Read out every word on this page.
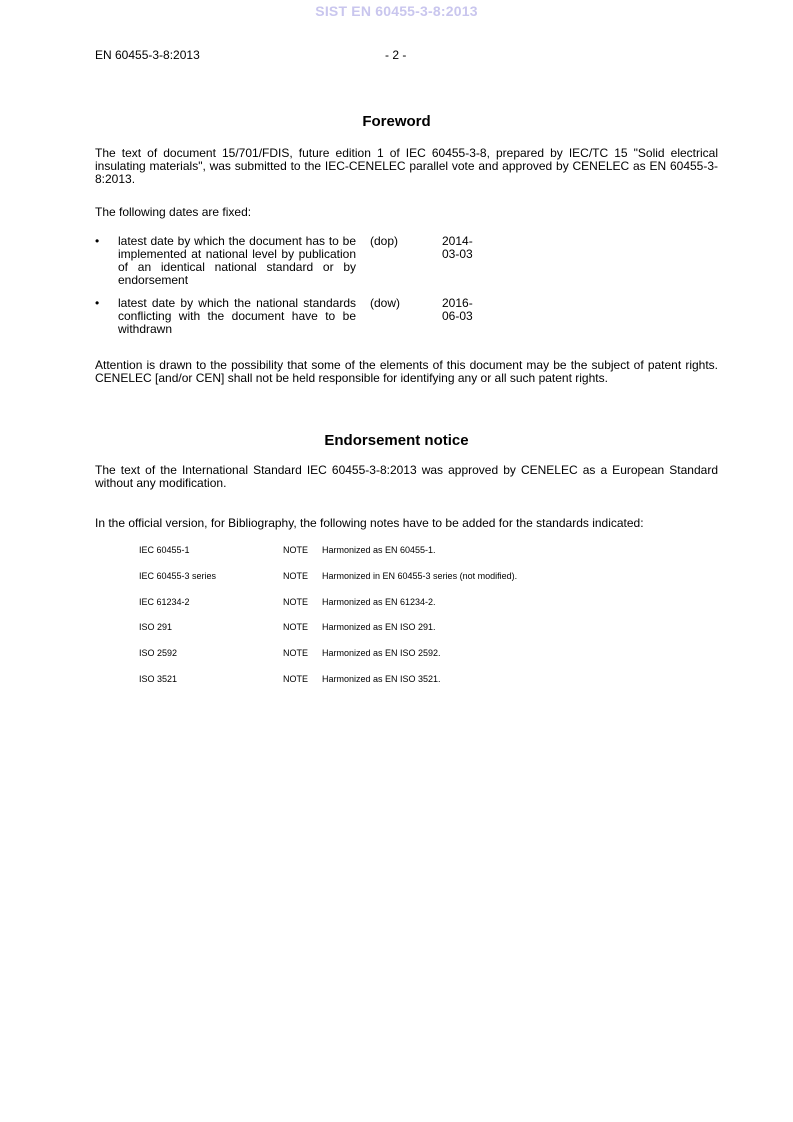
SIST EN 60455-3-8:2013
EN 60455-3-8:2013	- 2 -
Foreword
The text of document 15/701/FDIS, future edition 1 of IEC 60455-3-8, prepared by IEC/TC 15 "Solid electrical insulating materials", was submitted to the IEC-CENELEC parallel vote and approved by CENELEC as EN 60455-3-8:2013.
The following dates are fixed:
• latest date by which the document has to be implemented at national level by publication of an identical national standard or by endorsement
(dop)	2014-03-03
• latest date by which the national standards conflicting with the document have to be withdrawn
(dow)	2016-06-03
Attention is drawn to the possibility that some of the elements of this document may be the subject of patent rights. CENELEC [and/or CEN] shall not be held responsible for identifying any or all such patent rights.
Endorsement notice
The text of the International Standard IEC 60455-3-8:2013 was approved by CENELEC as a European Standard without any modification.
In the official version, for Bibliography, the following notes have to be added for the standards indicated:
IEC 60455-1	NOTE Harmonized as EN 60455-1.
IEC 60455-3 series	NOTE Harmonized in EN 60455-3 series (not modified).
IEC 61234-2	NOTE Harmonized as EN 61234-2.
ISO 291	NOTE Harmonized as EN ISO 291.
ISO 2592	NOTE Harmonized as EN ISO 2592.
ISO 3521	NOTE Harmonized as EN ISO 3521.
